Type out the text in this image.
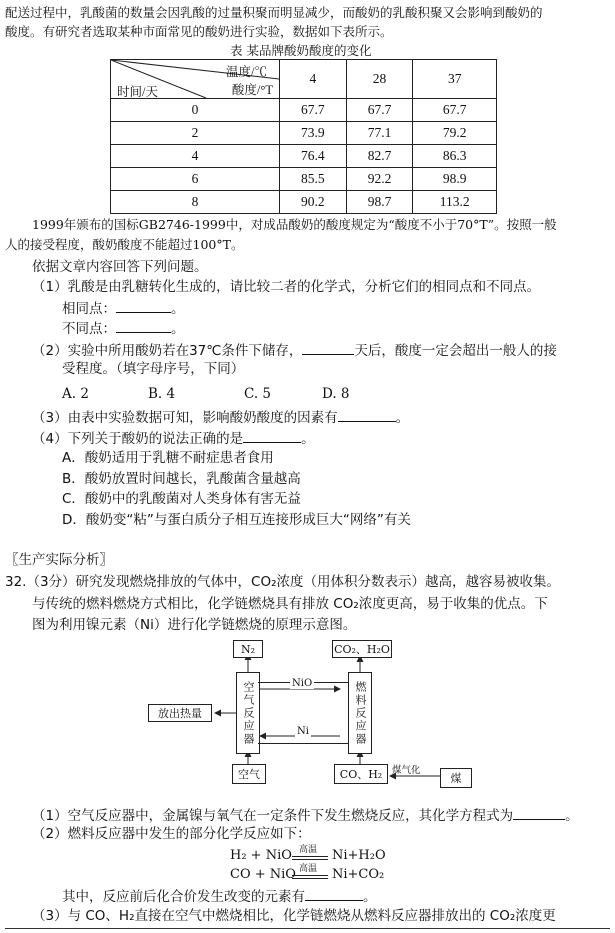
配送过程中，乳酸菌的数量会因乳酸的过量积聚而明显减少，而酸奶的乳酸积聚又会影响到酸奶的
酸度。有研究者选取某种市面常见的酸奶进行实验，数据如下表所示。
表 某品牌酸奶酸度的变化
温度/℃
酸度/°T
时间/天	4	28	37
0	67.7	67.7	67.7
2	73.9	77.1	79.2
4	76.4	82.7	86.3
6	85.5	92.2	98.9
8	90.2	98.7	113.2
1999年颁布的国标GB2746-1999中，对成品酸奶的酸度规定为“酸度不小于70°T”。按照一般
人的接受程度，酸奶酸度不能超过100°T。
依据文章内容回答下列问题。
（1）乳酸是由乳糖转化生成的，请比较二者的化学式，分析它们的相同点和不同点。
相同点：	。
不同点：	。
（2）实验中所用酸奶若在37℃条件下储存，	天后，酸度一定会超出一般人的接
受程度。（填字母序号，下同）
A. 2	B. 4	C. 5	D. 8
（3）由表中实验数据可知，影响酸奶酸度的因素有	。
（4）下列关于酸奶的说法正确的是	。
A．酸奶适用于乳糖不耐症患者食用
B．酸奶放置时间越长，乳酸菌含量越高
C．酸奶中的乳酸菌对人类身体有害无益
D．酸奶变“粘”与蛋白质分子相互连接形成巨大“网络”有关
〖生产实际分析〗
32.（3分）研究发现燃烧排放的气体中，CO₂浓度（用体积分数表示）越高，越容易被收集。
与传统的燃料燃烧方式相比，化学链燃烧具有排放 CO₂浓度更高，易于收集的优点。下
图为利用镍元素（Ni）进行化学链燃烧的原理示意图。
N₂	CO₂、H₂O
空气反应器	燃料反应器
NiO
Ni
放出热量
空气	CO、H₂ 煤气化
煤
（1）空气反应器中，金属镍与氧气在一定条件下发生燃烧反应，其化学方程式为	。
（2）燃料反应器中发生的部分化学反应如下：
H₂ + NiO 高温 Ni+H₂O
CO + NiO 高温 Ni+CO₂
其中，反应前后化合价发生改变的元素有	。
（3）与 CO、H₂直接在空气中燃烧相比，化学链燃烧从燃料反应器排放出的 CO₂浓度更
